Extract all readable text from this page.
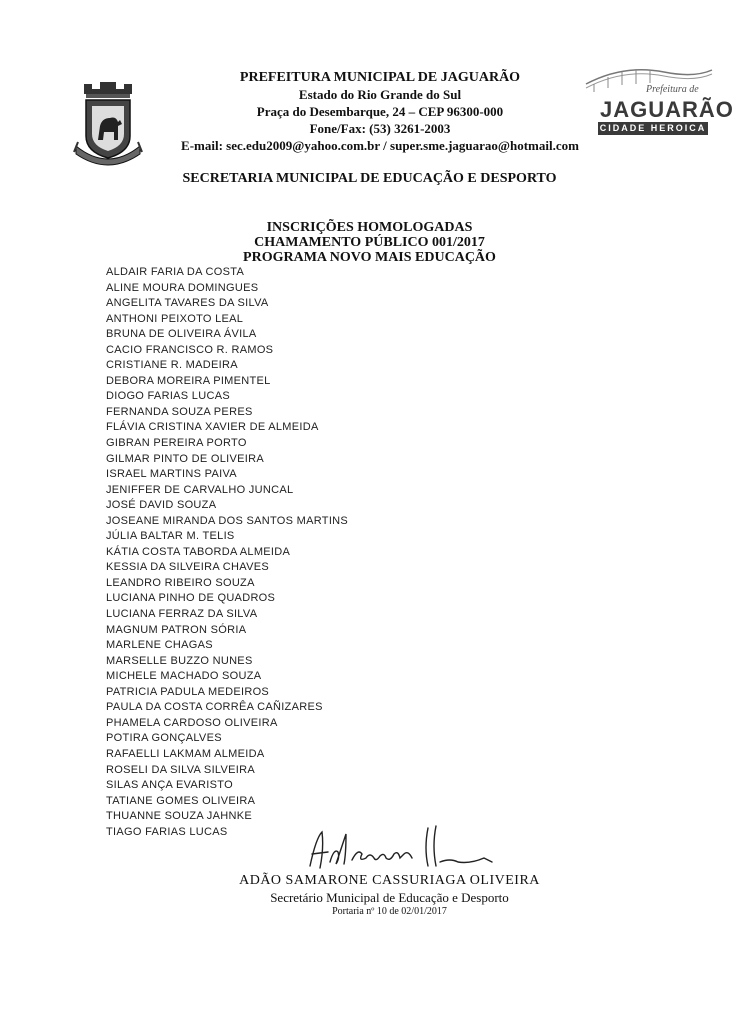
Prefeitura de
JAGUARÃO
CIDADE HEROICA
PREFEITURA MUNICIPAL DE JAGUARÃO
Estado do Rio Grande do Sul
Praça do Desembarque, 24 – CEP 96300-000
Fone/Fax: (53) 3261-2003
E-mail: sec.edu2009@yahoo.com.br / super.sme.jaguarao@hotmail.com
SECRETARIA MUNICIPAL DE EDUCAÇÃO E DESPORTO
INSCRIÇÕES HOMOLOGADAS
CHAMAMENTO PÚBLICO 001/2017
PROGRAMA NOVO MAIS EDUCAÇÃO
ALDAIR FARIA DA COSTA
ALINE MOURA DOMINGUES
ANGELITA TAVARES DA SILVA
ANTHONI PEIXOTO LEAL
BRUNA DE OLIVEIRA ÁVILA
CACIO FRANCISCO R. RAMOS
CRISTIANE R. MADEIRA
DEBORA MOREIRA PIMENTEL
DIOGO FARIAS LUCAS
FERNANDA SOUZA PERES
FLÁVIA CRISTINA XAVIER DE ALMEIDA
GIBRAN PEREIRA PORTO
GILMAR PINTO DE OLIVEIRA
ISRAEL MARTINS PAIVA
JENIFFER DE CARVALHO JUNCAL
JOSÉ DAVID SOUZA
JOSEANE MIRANDA DOS SANTOS MARTINS
JÚLIA BALTAR M. TELIS
KÁTIA COSTA TABORDA ALMEIDA
KESSIA DA SILVEIRA CHAVES
LEANDRO RIBEIRO SOUZA
LUCIANA PINHO DE QUADROS
LUCIANA FERRAZ DA SILVA
MAGNUM PATRON SÓRIA
MARLENE CHAGAS
MARSELLE BUZZO NUNES
MICHELE MACHADO SOUZA
PATRICIA PADULA MEDEIROS
PAULA DA COSTA CORRÊA CAÑIZARES
PHAMELA CARDOSO OLIVEIRA
POTIRA GONÇALVES
RAFAELLI LAKMAM ALMEIDA
ROSELI DA SILVA SILVEIRA
SILAS ANÇA EVARISTO
TATIANE GOMES OLIVEIRA
THUANNE SOUZA JAHNKE
TIAGO FARIAS LUCAS
ADÃO SAMARONE CASSURIAGA OLIVEIRA
Secretário Municipal de Educação e Desporto
Portaria nº 10 de 02/01/2017
